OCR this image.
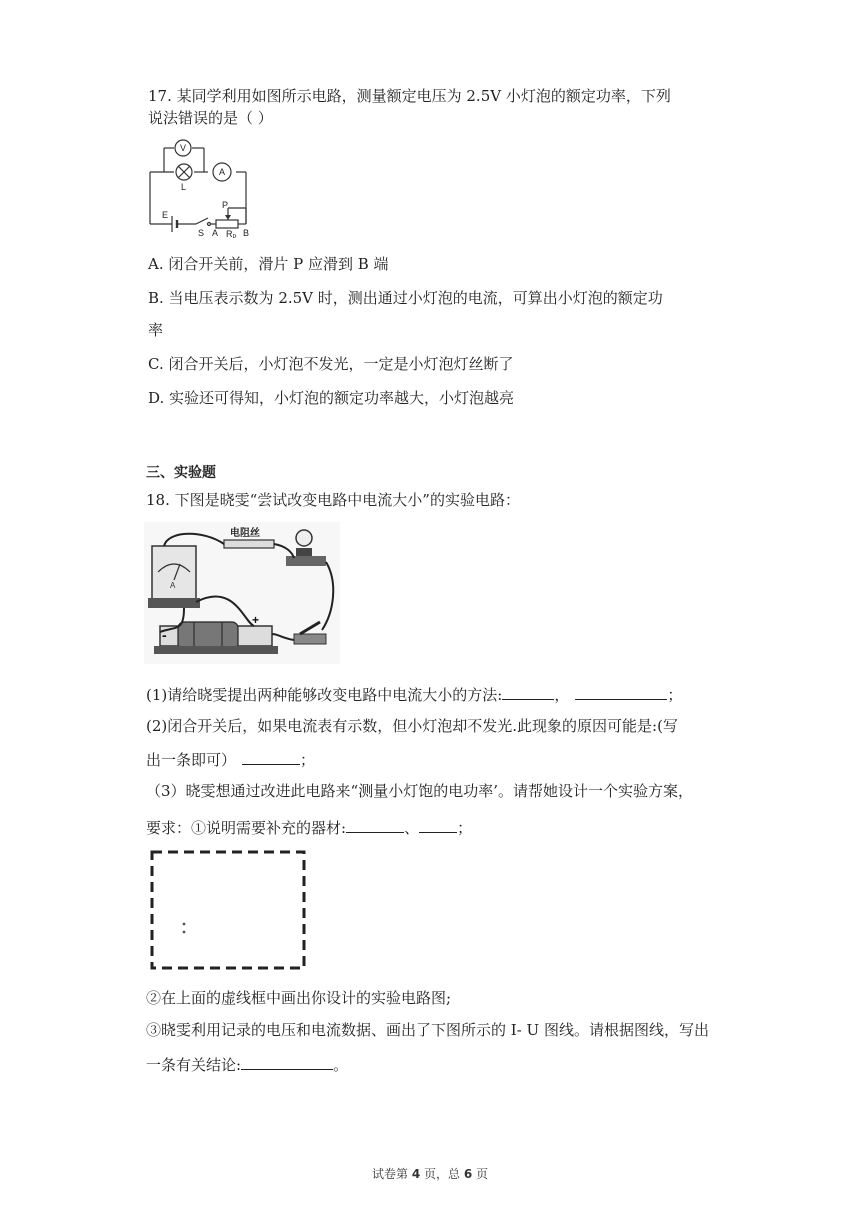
17. 某同学利用如图所示电路，测量额定电压为 2.5V 小灯泡的额定功率，下列
说法错误的是（ ）
V
A
L
E
S
P
A	B
$R_P$
A. 闭合开关前，滑片 P 应滑到 B 端
B. 当电压表示数为 2.5V 时，测出通过小灯泡的电流，可算出小灯泡的额定功
率
C. 闭合开关后，小灯泡不发光，一定是小灯泡灯丝断了
D. 实验还可得知，小灯泡的额定功率越大，小灯泡越亮
三、实验题
18. 下图是晓雯“尝试改变电路中电流大小”的实验电路：
A
电阻丝
-
+
(1)请给晓雯提出两种能够改变电路中电流大小的方法:	，	；
(2)闭合开关后，如果电流表有示数，但小灯泡却不发光.此现象的原因可能是:(写
出一条即可）	；
（3）晓雯想通过改进此电路来“测量小灯饱的电功率’。请帮她设计一个实验方案，
要求：①说明需要补充的器材:	、	；
②在上面的虚线框中画出你设计的实验电路图;
③晓雯利用记录的电压和电流数据、画出了下图所示的 I- U 图线。请根据图线，写出
一条有关结论:	。
试卷第 4 页，总 6 页
